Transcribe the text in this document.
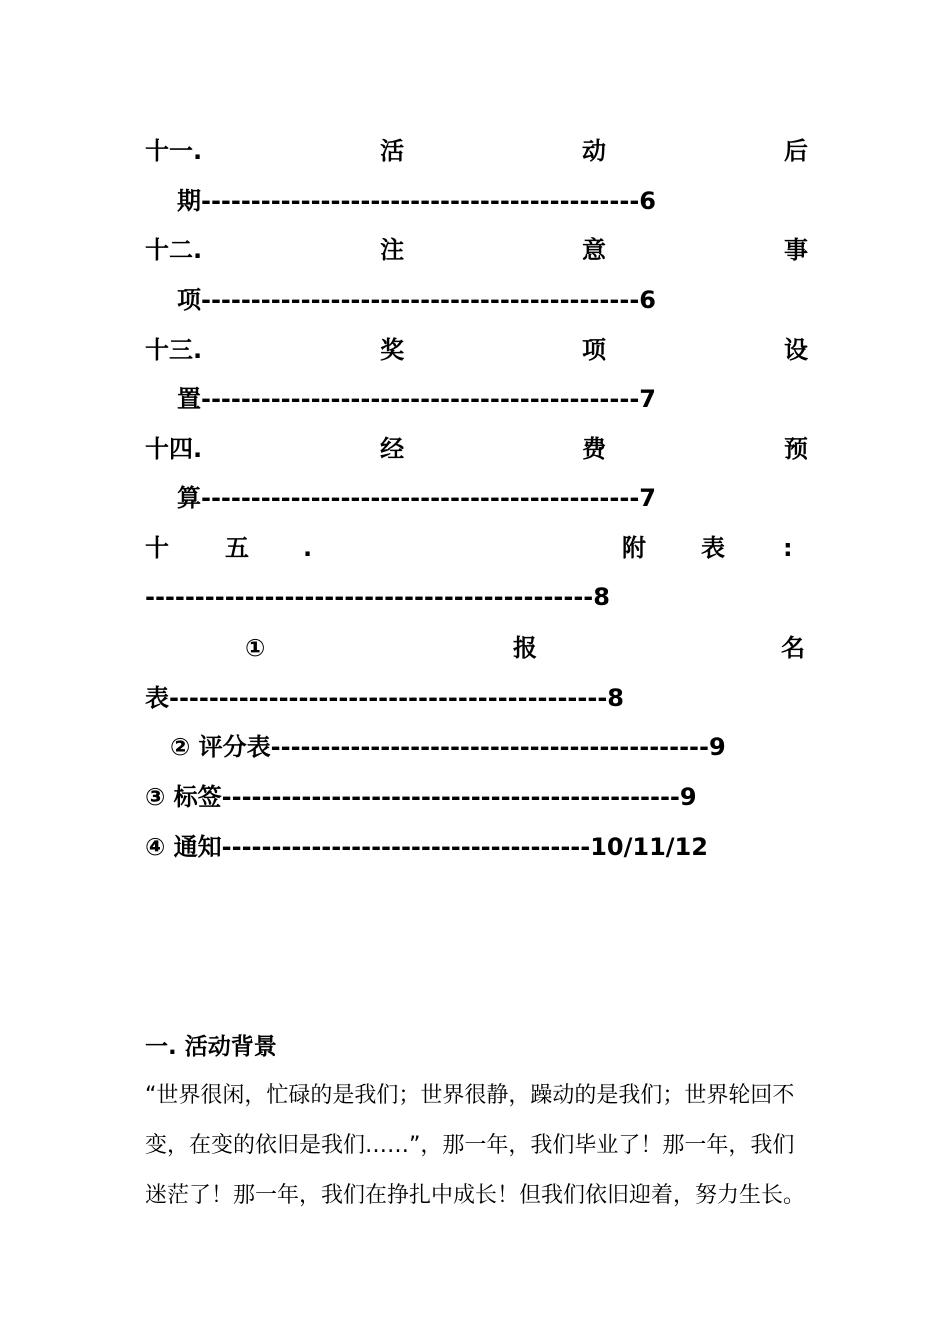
十一.	活	动	后
期--------------------------------------------6
十二.	注	意	事
项--------------------------------------------6
十三.	奖	项	设
置--------------------------------------------7
十四.	经	费	预
算--------------------------------------------7
十 五 .	附 表 :
---------------------------------------------8
①	报	名
表--------------------------------------------8
② 评分表--------------------------------------------9
③ 标签----------------------------------------------9
④ 通知-------------------------------------10/11/12
一. 活动背景
“世界很闲，忙碌的是我们；世界很静，躁动的是我们；世界轮回不
变，在变的依旧是我们……”，那一年，我们毕业了！那一年，我们
迷茫了！那一年，我们在挣扎中成长！但我们依旧迎着，努力生长。
